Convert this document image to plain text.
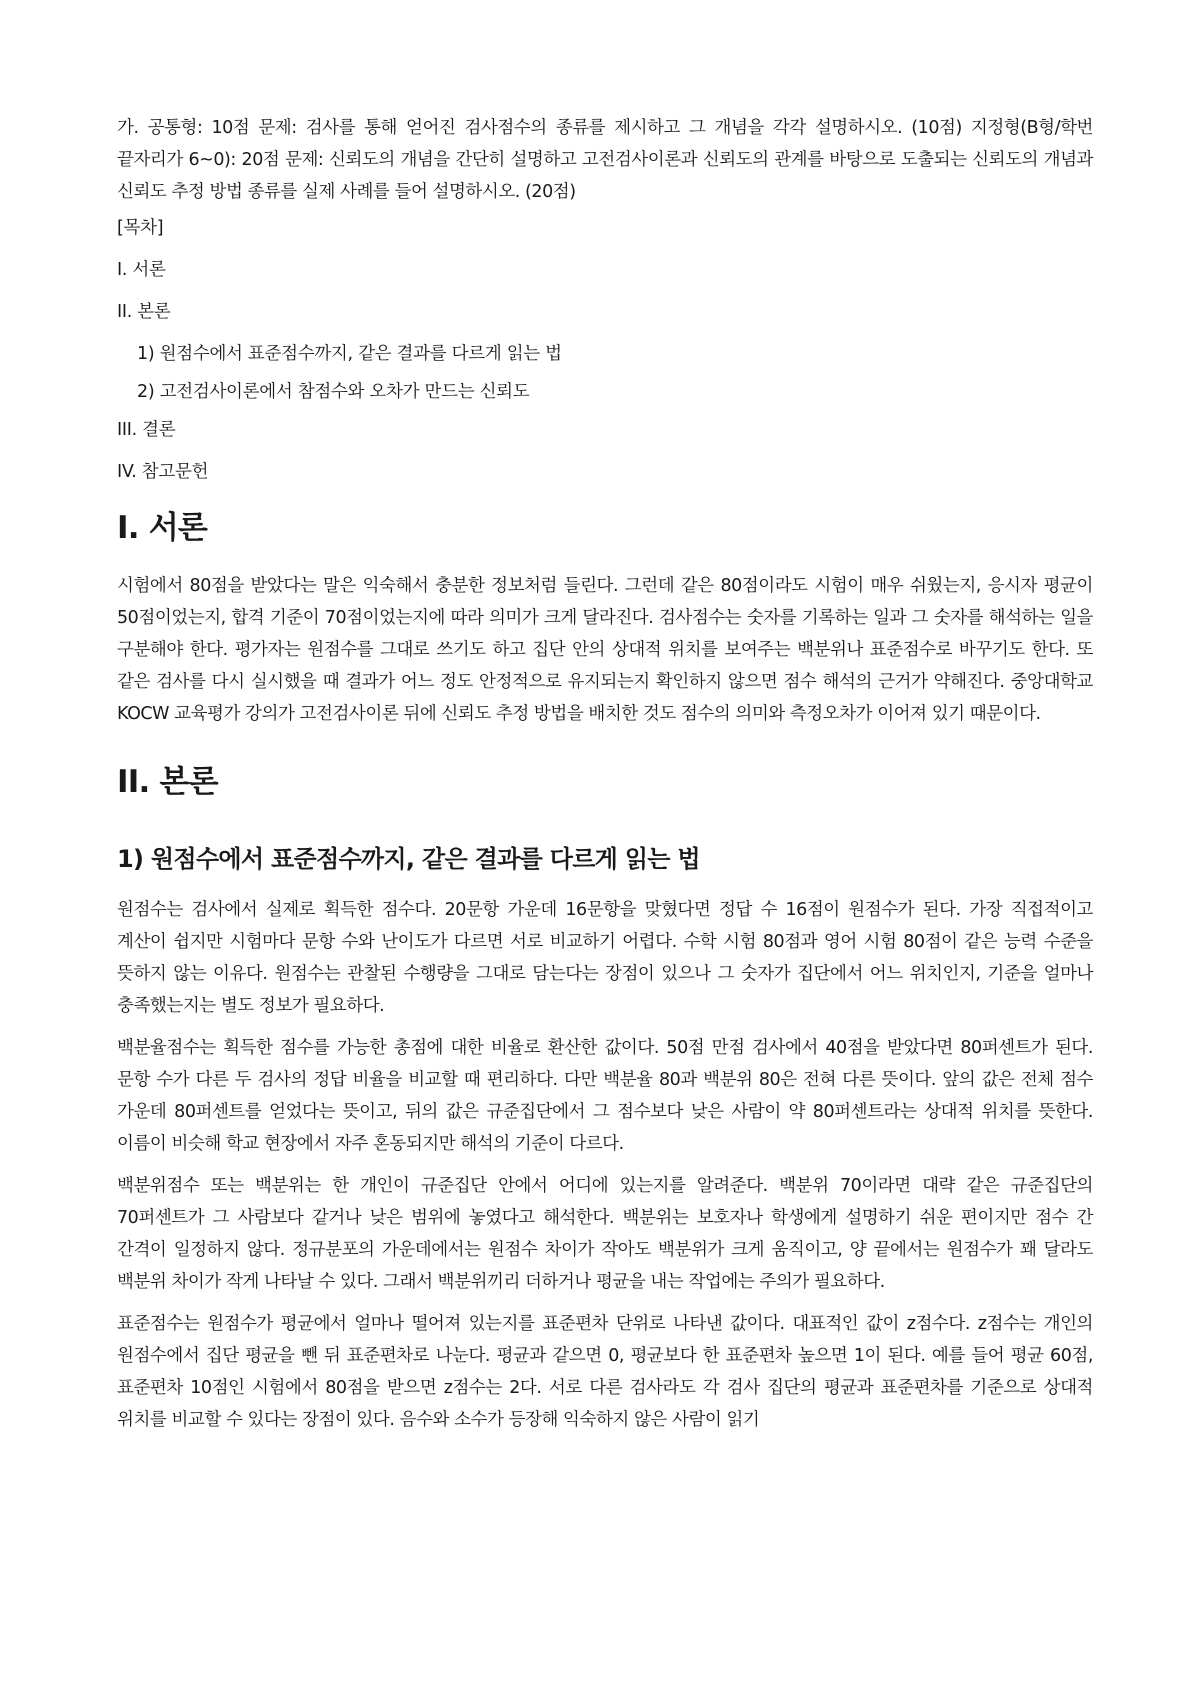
가. 공통형: 10점 문제: 검사를 통해 얻어진 검사점수의 종류를 제시하고 그 개념을 각각 설명하시오. (10점) 지정형(B형/학번 끝자리가 6~0): 20점 문제: 신뢰도의 개념을 간단히 설명하고 고전검사이론과 신뢰도의 관계를 바탕으로 도출되는 신뢰도의 개념과 신뢰도 추정 방법 종류를 실제 사례를 들어 설명하시오. (20점)

[목차]
I. 서론
II. 본론
1) 원점수에서 표준점수까지, 같은 결과를 다르게 읽는 법
2) 고전검사이론에서 참점수와 오차가 만드는 신뢰도
III. 결론
IV. 참고문헌
I. 서론

시험에서 80점을 받았다는 말은 익숙해서 충분한 정보처럼 들린다. 그런데 같은 80점이라도 시험이 매우 쉬웠는지, 응시자 평균이 50점이었는지, 합격 기준이 70점이었는지에 따라 의미가 크게 달라진다. 검사점수는 숫자를 기록하는 일과 그 숫자를 해석하는 일을 구분해야 한다. 평가자는 원점수를 그대로 쓰기도 하고 집단 안의 상대적 위치를 보여주는 백분위나 표준점수로 바꾸기도 한다. 또 같은 검사를 다시 실시했을 때 결과가 어느 정도 안정적으로 유지되는지 확인하지 않으면 점수 해석의 근거가 약해진다. 중앙대학교 KOCW 교육평가 강의가 고전검사이론 뒤에 신뢰도 추정 방법을 배치한 것도 점수의 의미와 측정오차가 이어져 있기 때문이다.

II. 본론
1) 원점수에서 표준점수까지, 같은 결과를 다르게 읽는 법

원점수는 검사에서 실제로 획득한 점수다. 20문항 가운데 16문항을 맞혔다면 정답 수 16점이 원점수가 된다. 가장 직접적이고 계산이 쉽지만 시험마다 문항 수와 난이도가 다르면 서로 비교하기 어렵다. 수학 시험 80점과 영어 시험 80점이 같은 능력 수준을 뜻하지 않는 이유다. 원점수는 관찰된 수행량을 그대로 담는다는 장점이 있으나 그 숫자가 집단에서 어느 위치인지, 기준을 얼마나 충족했는지는 별도 정보가 필요하다.

백분율점수는 획득한 점수를 가능한 총점에 대한 비율로 환산한 값이다. 50점 만점 검사에서 40점을 받았다면 80퍼센트가 된다. 문항 수가 다른 두 검사의 정답 비율을 비교할 때 편리하다. 다만 백분율 80과 백분위 80은 전혀 다른 뜻이다. 앞의 값은 전체 점수 가운데 80퍼센트를 얻었다는 뜻이고, 뒤의 값은 규준집단에서 그 점수보다 낮은 사람이 약 80퍼센트라는 상대적 위치를 뜻한다. 이름이 비슷해 학교 현장에서 자주 혼동되지만 해석의 기준이 다르다.

백분위점수 또는 백분위는 한 개인이 규준집단 안에서 어디에 있는지를 알려준다. 백분위 70이라면 대략 같은 규준집단의 70퍼센트가 그 사람보다 같거나 낮은 범위에 놓였다고 해석한다. 백분위는 보호자나 학생에게 설명하기 쉬운 편이지만 점수 간 간격이 일정하지 않다. 정규분포의 가운데에서는 원점수 차이가 작아도 백분위가 크게 움직이고, 양 끝에서는 원점수가 꽤 달라도 백분위 차이가 작게 나타날 수 있다. 그래서 백분위끼리 더하거나 평균을 내는 작업에는 주의가 필요하다.

표준점수는 원점수가 평균에서 얼마나 떨어져 있는지를 표준편차 단위로 나타낸 값이다. 대표적인 값이 z점수다. z점수는 개인의 원점수에서 집단 평균을 뺀 뒤 표준편차로 나눈다. 평균과 같으면 0, 평균보다 한 표준편차 높으면 1이 된다. 예를 들어 평균 60점, 표준편차 10점인 시험에서 80점을 받으면 z점수는 2다. 서로 다른 검사라도 각 검사 집단의 평균과 표준편차를 기준으로 상대적 위치를 비교할 수 있다는 장점이 있다. 음수와 소수가 등장해 익숙하지 않은 사람이 읽기
